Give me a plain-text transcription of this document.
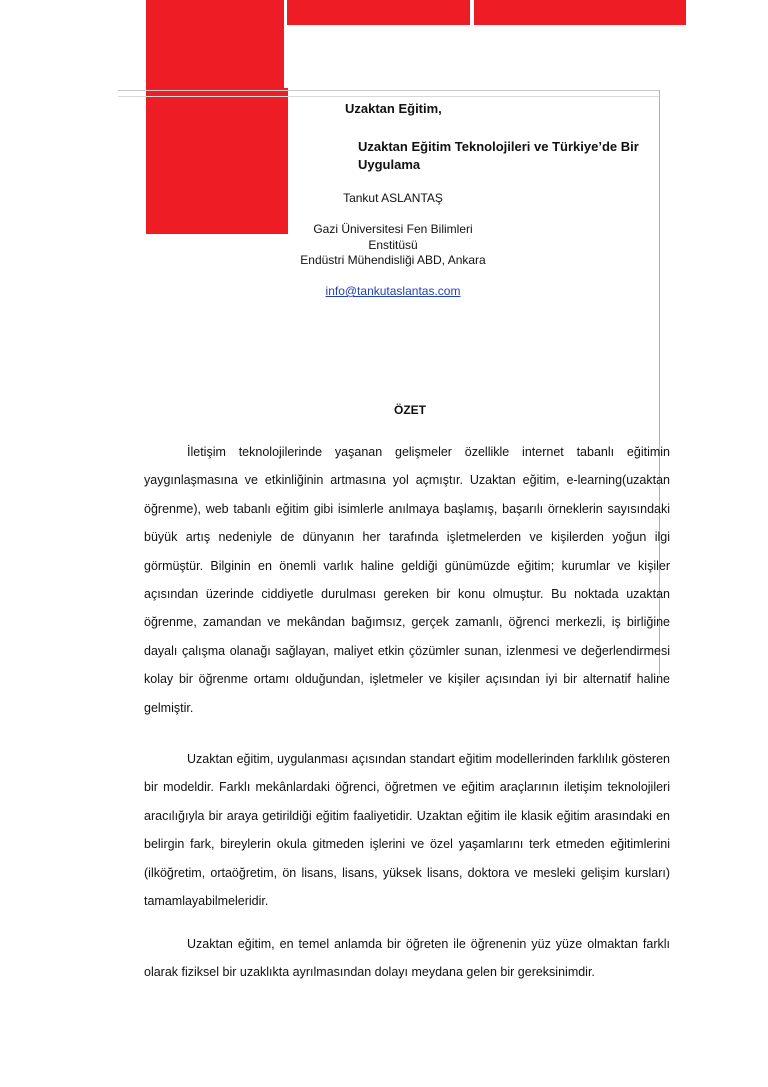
Uzaktan Eğitim,
Uzaktan Eğitim Teknolojileri ve Türkiye’de Bir Uygulama
Tankut ASLANTAŞ
Gazi Üniversitesi Fen Bilimleri Enstitüsü
Endüstri Mühendisliği ABD, Ankara
info@tankutaslantas.com
ÖZET

İletişim teknolojilerinde yaşanan gelişmeler özellikle internet tabanlı eğitimin yaygınlaşmasına ve etkinliğinin artmasına yol açmıştır. Uzaktan eğitim, e-learning(uzaktan öğrenme), web tabanlı eğitim gibi isimlerle anılmaya başlamış, başarılı örneklerin sayısındaki büyük artış nedeniyle de dünyanın her tarafında işletmelerden ve kişilerden yoğun ilgi görmüştür. Bilginin en önemli varlık haline geldiği günümüzde eğitim; kurumlar ve kişiler açısından üzerinde ciddiyetle durulması gereken bir konu olmuştur. Bu noktada uzaktan öğrenme, zamandan ve mekândan bağımsız, gerçek zamanlı, öğrenci merkezli, iş birliğine dayalı çalışma olanağı sağlayan, maliyet etkin çözümler sunan, izlenmesi ve değerlendirmesi kolay bir öğrenme ortamı olduğundan, işletmeler ve kişiler açısından iyi bir alternatif haline gelmiştir.

Uzaktan eğitim, uygulanması açısından standart eğitim modellerinden farklılık gösteren bir modeldir. Farklı mekânlardaki öğrenci, öğretmen ve eğitim araçlarının iletişim teknolojileri aracılığıyla bir araya getirildiği eğitim faaliyetidir. Uzaktan eğitim ile klasik eğitim arasındaki en belirgin fark, bireylerin okula gitmeden işlerini ve özel yaşamlarını terk etmeden eğitimlerini (ilköğretim, ortaöğretim, ön lisans, lisans, yüksek lisans, doktora ve mesleki gelişim kursları) tamamlayabilmeleridir.

Uzaktan eğitim, en temel anlamda bir öğreten ile öğrenenin yüz yüze olmaktan farklı olarak fiziksel bir uzaklıkta ayrılmasından dolayı meydana gelen bir gereksinimdir.
